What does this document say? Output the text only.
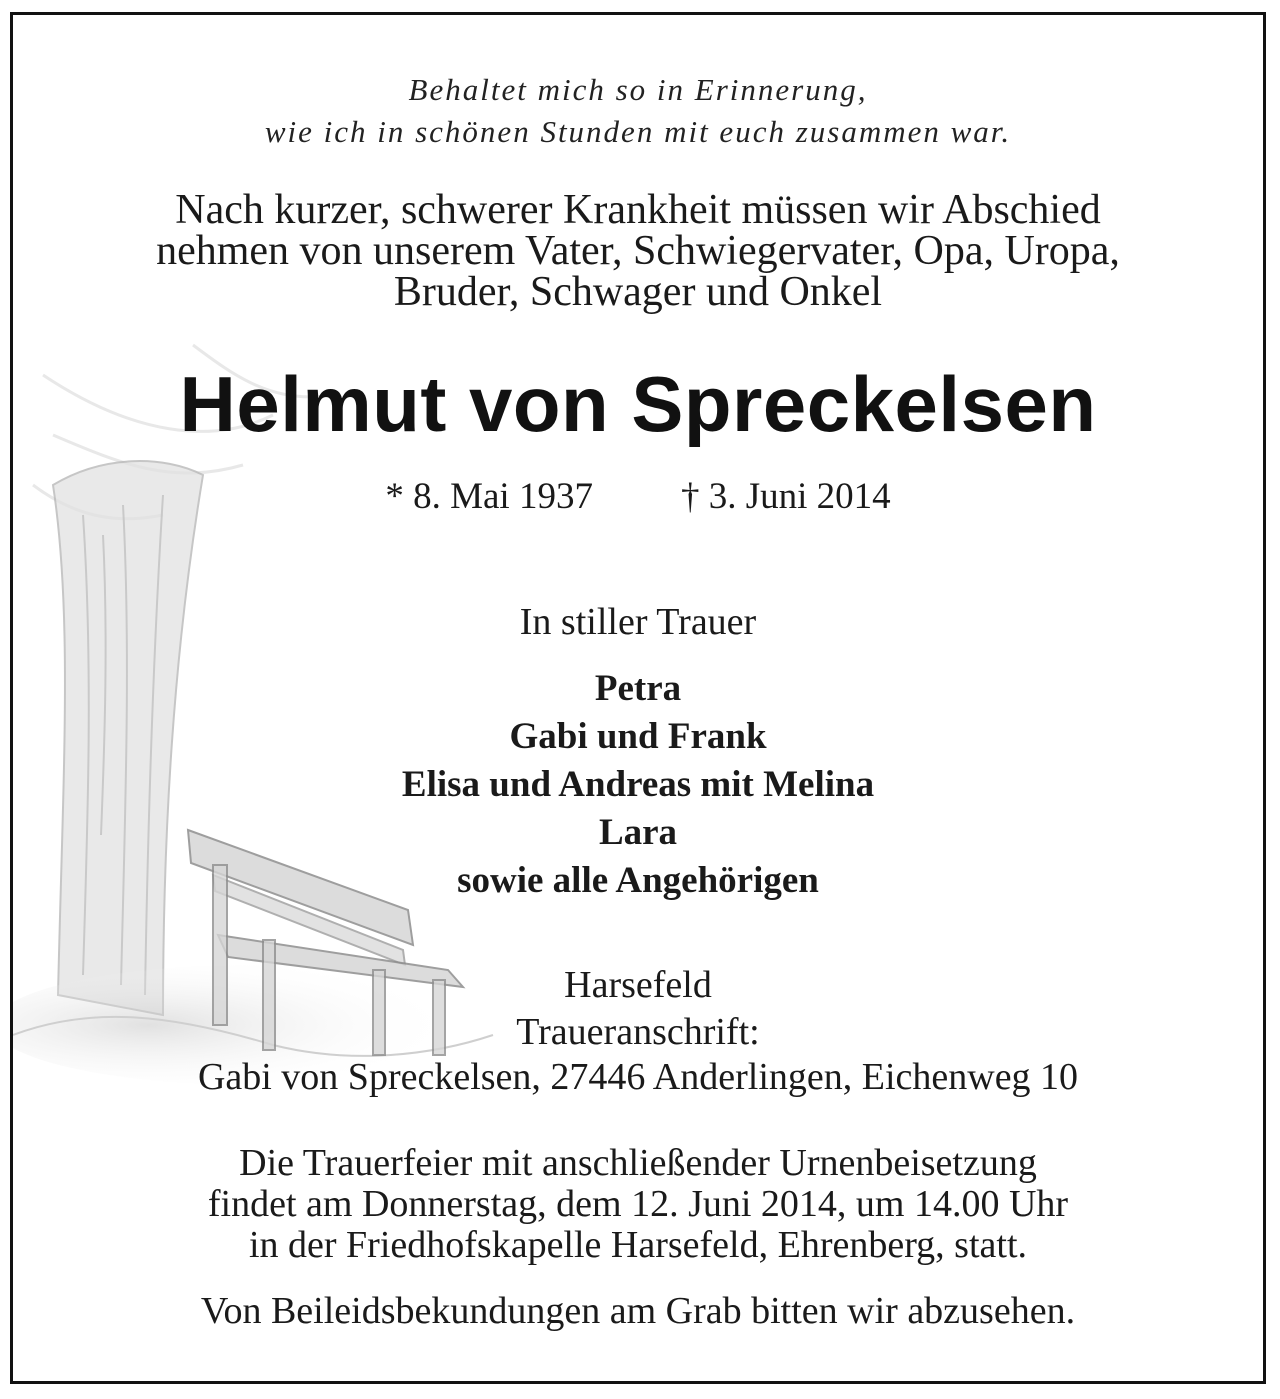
Behaltet mich so in Erinnerung,
wie ich in schönen Stunden mit euch zusammen war.
Nach kurzer, schwerer Krankheit müssen wir Abschied
nehmen von unserem Vater, Schwiegervater, Opa, Uropa,
Bruder, Schwager und Onkel
Helmut von Spreckelsen
* 8. Mai 1937 † 3. Juni 2014
In stiller Trauer
Petra
Gabi und Frank
Elisa und Andreas mit Melina
Lara
sowie alle Angehörigen
Harsefeld
Traueranschrift:
Gabi von Spreckelsen, 27446 Anderlingen, Eichenweg 10
Die Trauerfeier mit anschließender Urnenbeisetzung
findet am Donnerstag, dem 12. Juni 2014, um 14.00 Uhr
in der Friedhofskapelle Harsefeld, Ehrenberg, statt.
Von Beileidsbekundungen am Grab bitten wir abzusehen.
